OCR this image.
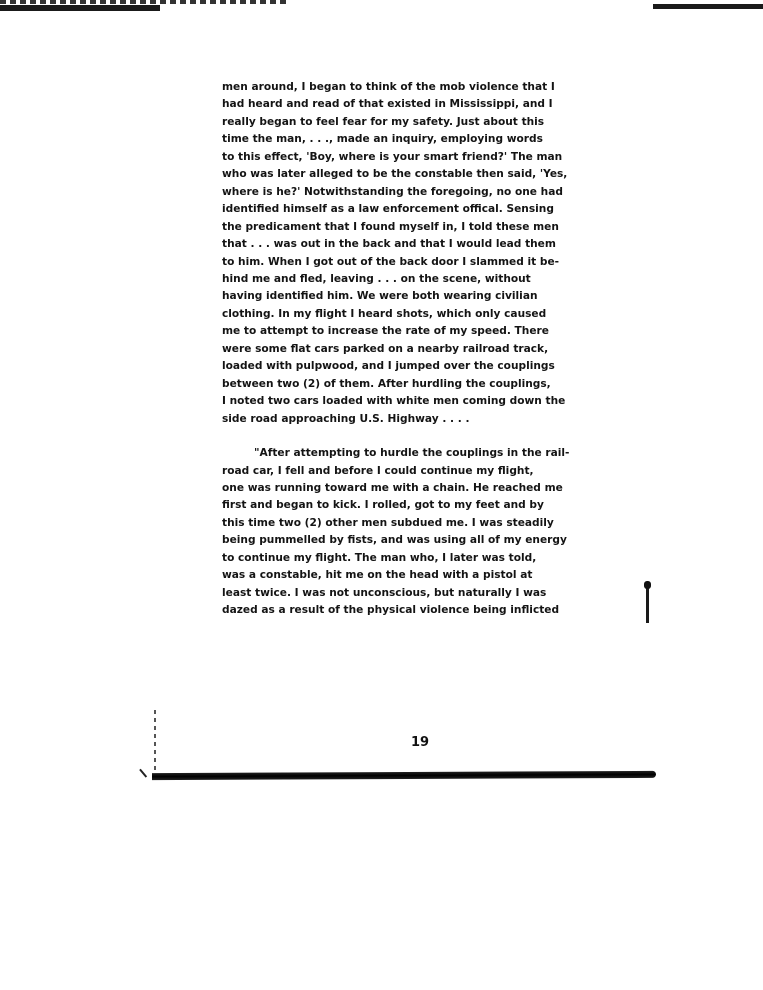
men around, I began to think of the mob violence that I
had heard and read of that existed in Mississippi, and I
really began to feel fear for my safety. Just about this
time the man, . . ., made an inquiry, employing words
to this effect, 'Boy, where is your smart friend?' The man
who was later alleged to be the constable then said, 'Yes,
where is he?' Notwithstanding the foregoing, no one had
identified himself as a law enforcement offical. Sensing
the predicament that I found myself in, I told these men
that . . . was out in the back and that I would lead them
to him. When I got out of the back door I slammed it be-
hind me and fled, leaving . . . on the scene, without
having identified him. We were both wearing civilian
clothing. In my flight I heard shots, which only caused
me to attempt to increase the rate of my speed. There
were some flat cars parked on a nearby railroad track,
loaded with pulpwood, and I jumped over the couplings
between two (2) of them. After hurdling the couplings,
I noted two cars loaded with white men coming down the
side road approaching U.S. Highway . . . .
"After attempting to hurdle the couplings in the rail-
road car, I fell and before I could continue my flight,
one was running toward me with a chain. He reached me
first and began to kick. I rolled, got to my feet and by
this time two (2) other men subdued me. I was steadily
being pummelled by fists, and was using all of my energy
to continue my flight. The man who, I later was told,
was a constable, hit me on the head with a pistol at
least twice. I was not unconscious, but naturally I was
dazed as a result of the physical violence being inflicted
19
